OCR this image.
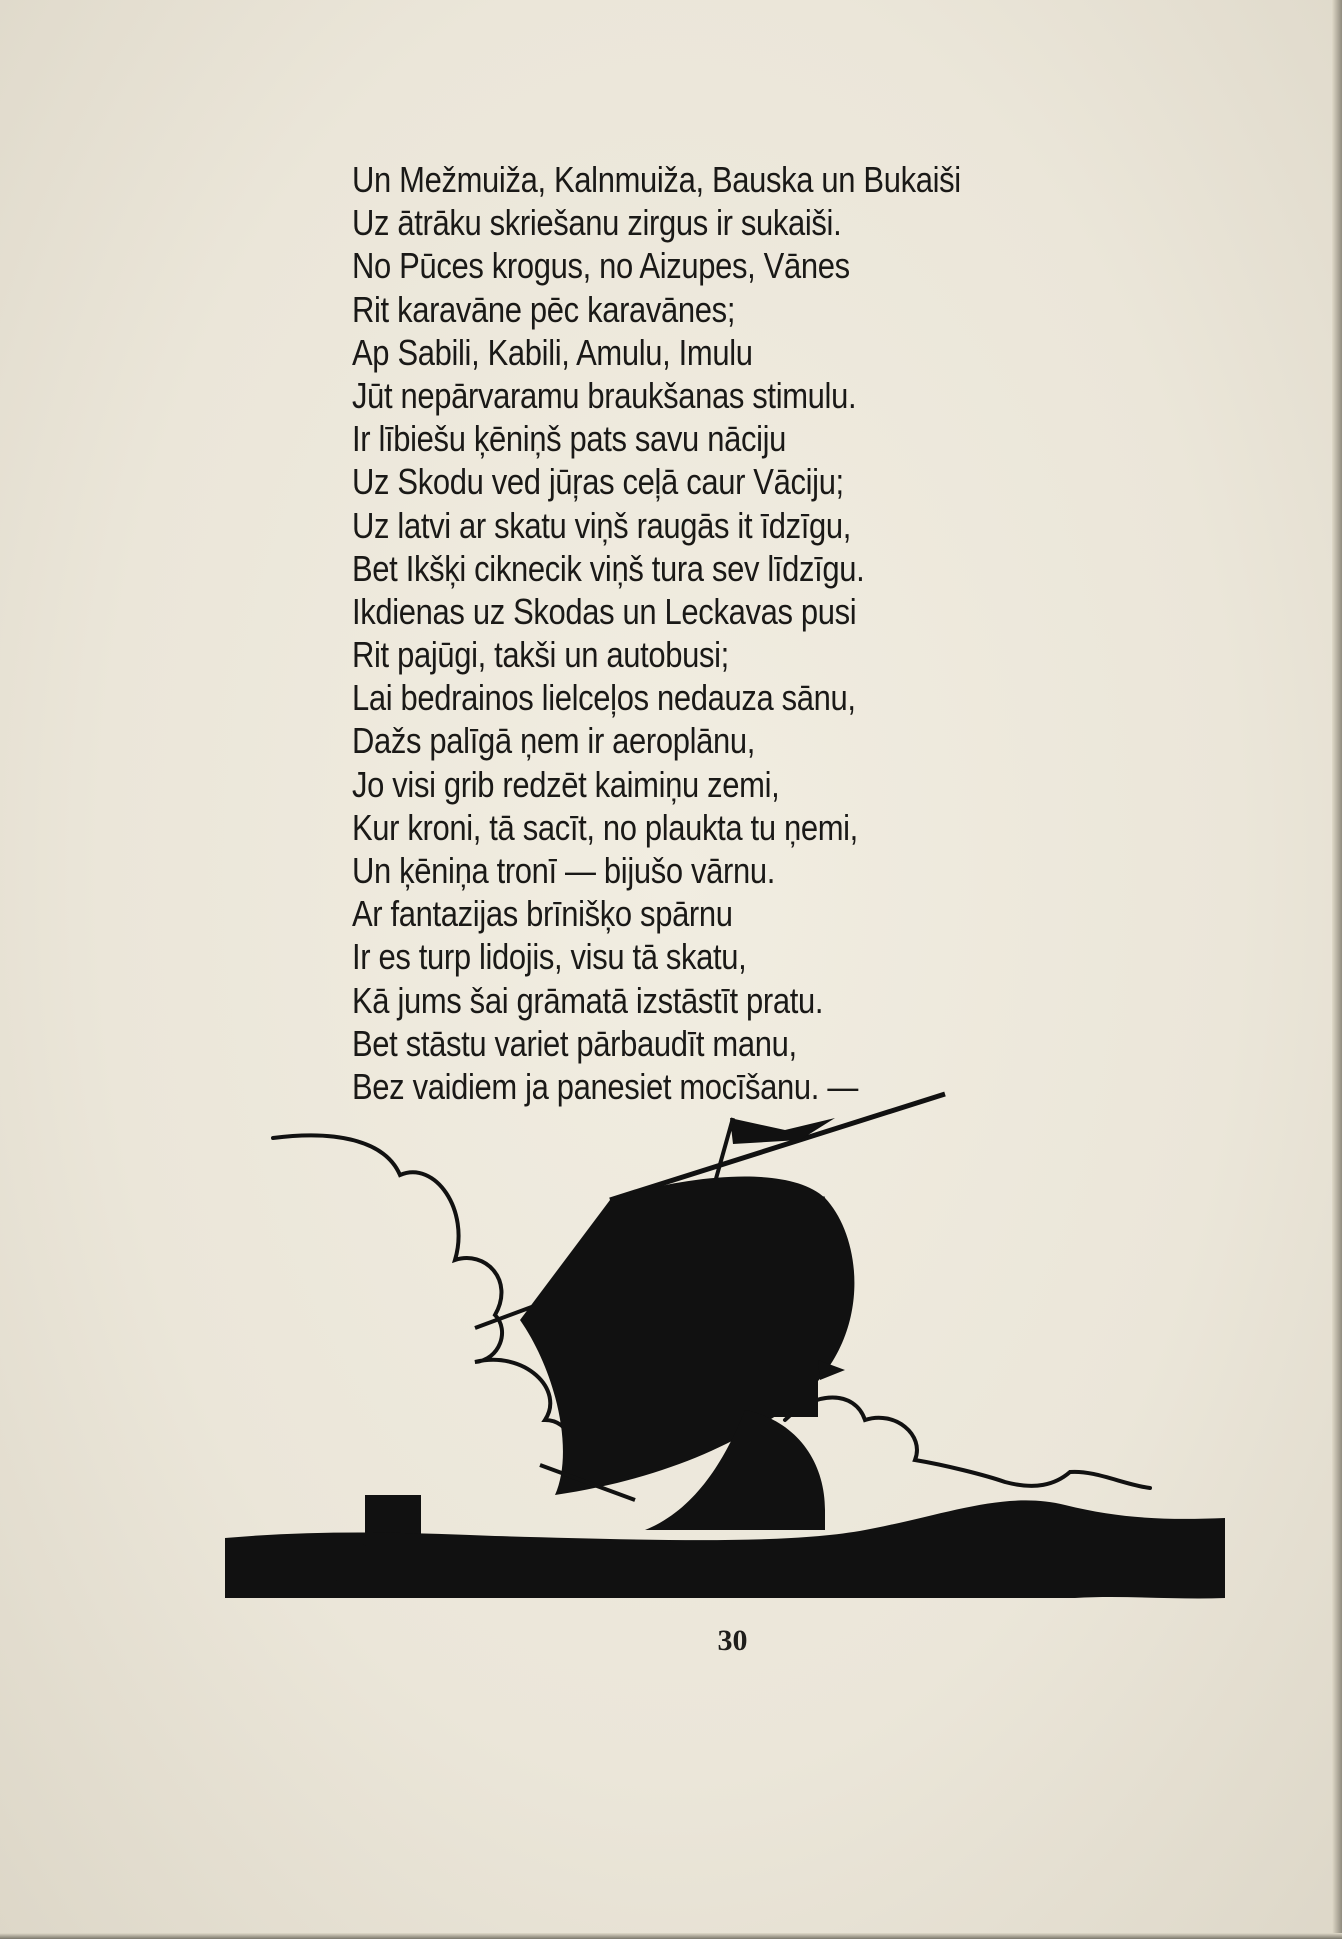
Un Mežmuiža, Kalnmuiža, Bauska un Bukaiši
Uz ātrāku skriešanu zirgus ir sukaiši.
No Pūces krogus, no Aizupes, Vānes
Rit karavāne pēc karavānes;
Ap Sabili, Kabili, Amulu, Imulu
Jūt nepārvaramu braukšanas stimulu.
Ir lībiešu ķēniņš pats savu nāciju
Uz Skodu ved jūŗas ceļā caur Vāciju;
Uz latvi ar skatu viņš raugās it īdzīgu,
Bet Ikšķi ciknecik viņš tura sev līdzīgu.
Ikdienas uz Skodas un Leckavas pusi
Rit pajūgi, takši un autobusi;
Lai bedrainos lielceļos nedauza sānu,
Dažs palīgā ņem ir aeroplānu,
Jo visi grib redzēt kaimiņu zemi,
Kur kroni, tā sacīt, no plaukta tu ņemi,
Un ķēniņa tronī — bijušo vārnu.
Ar fantazijas brīnišķo spārnu
Ir es turp lidojis, visu tā skatu,
Kā jums šai grāmatā izstāstīt pratu.
Bet stāstu variet pārbaudīt manu,
Bez vaidiem ja panesiet mocīšanu. —
30
